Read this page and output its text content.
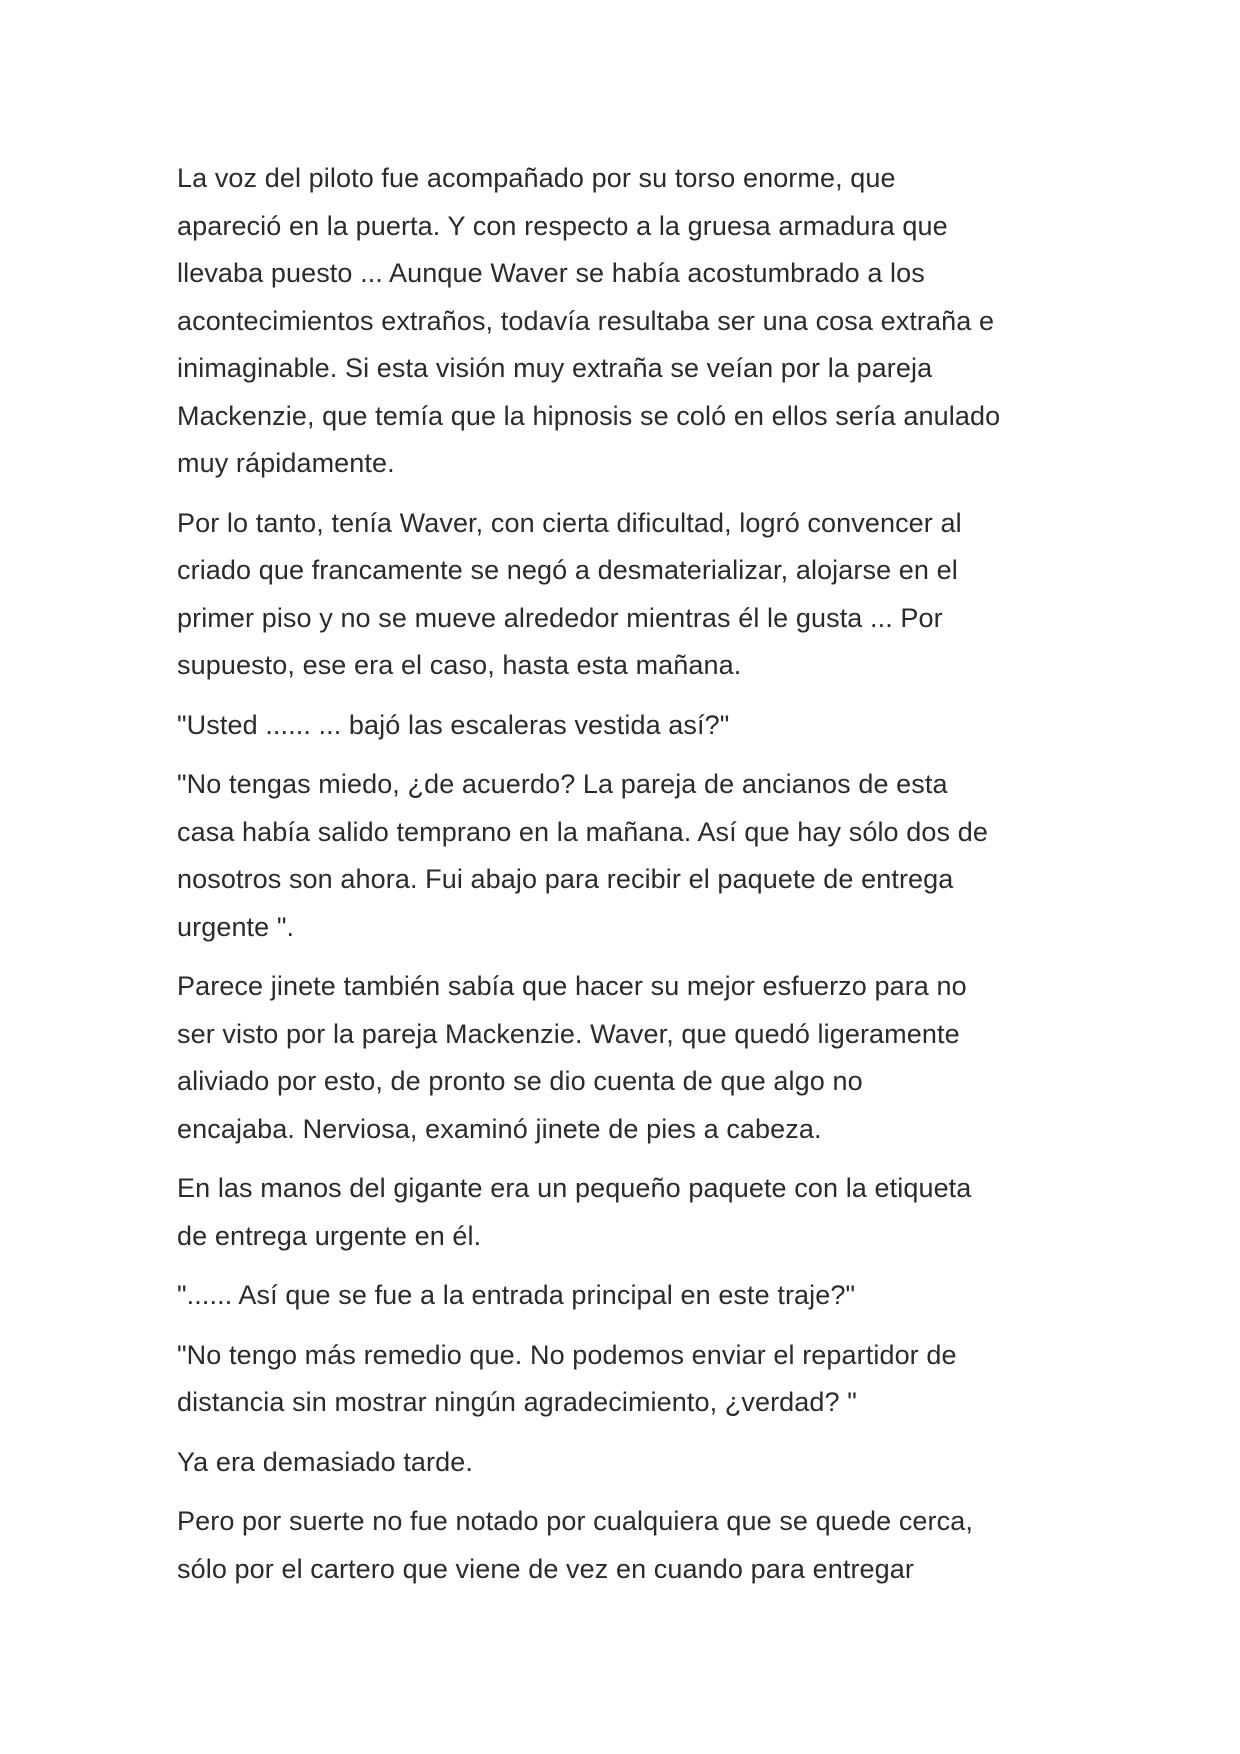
La voz del piloto fue acompañado por su torso enorme, que
apareció en la puerta. Y con respecto a la gruesa armadura que
llevaba puesto ... Aunque Waver se había acostumbrado a los
acontecimientos extraños, todavía resultaba ser una cosa extraña e
inimaginable. Si esta visión muy extraña se veían por la pareja
Mackenzie, que temía que la hipnosis se coló en ellos sería anulado
muy rápidamente.

Por lo tanto, tenía Waver, con cierta dificultad, logró convencer al
criado que francamente se negó a desmaterializar, alojarse en el
primer piso y no se mueve alrededor mientras él le gusta ... Por
supuesto, ese era el caso, hasta esta mañana.

"Usted ...... ... bajó las escaleras vestida así?"

"No tengas miedo, ¿de acuerdo? La pareja de ancianos de esta
casa había salido temprano en la mañana. Así que hay sólo dos de
nosotros son ahora. Fui abajo para recibir el paquete de entrega
urgente ".

Parece jinete también sabía que hacer su mejor esfuerzo para no
ser visto por la pareja Mackenzie. Waver, que quedó ligeramente
aliviado por esto, de pronto se dio cuenta de que algo no
encajaba. Nerviosa, examinó jinete de pies a cabeza.

En las manos del gigante era un pequeño paquete con la etiqueta
de entrega urgente en él.

"...... Así que se fue a la entrada principal en este traje?"

"No tengo más remedio que. No podemos enviar el repartidor de
distancia sin mostrar ningún agradecimiento, ¿verdad? "

Ya era demasiado tarde.

Pero por suerte no fue notado por cualquiera que se quede cerca,
sólo por el cartero que viene de vez en cuando para entregar
